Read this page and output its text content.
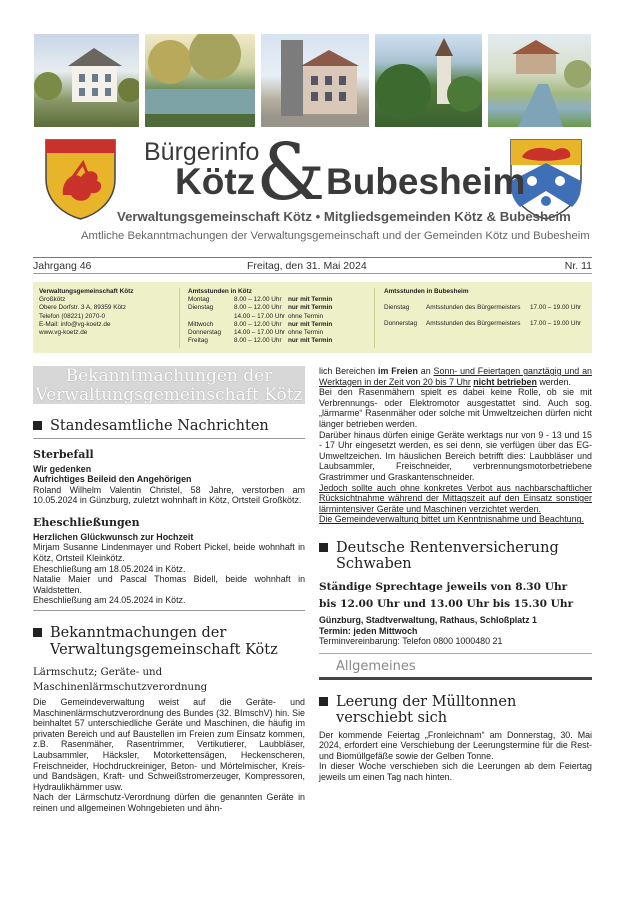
Bürgerinfo
Kötz & Bubesheim
Verwaltungsgemeinschaft Kötz • Mitgliedsgemeinden Kötz & Bubesheim
Amtliche Bekanntmachungen der Verwaltungsgemeinschaft und der Gemeinden Kötz und Bubesheim
Jahrgang 46	Freitag, den 31. Mai 2024	Nr. 11
Verwaltungsgemeinschaft Kötz
Großkötz
Obere Dorfstr. 3 A, 89359 Kötz
Telefon (08221) 2070-0
E-Mail: info@vg-koetz.de
www.vg-koetz.de
Amtsstunden in Kötz
Montag	8.00 – 12.00 Uhr nur mit Termin
Dienstag	8.00 – 12.00 Uhr nur mit Termin
14.00 – 17.00 Uhr ohne Termin
Mittwoch	8.00 – 12.00 Uhr nur mit Termin
Donnerstag 14.00 – 17.00 Uhr ohne Termin
Freitag	8.00 – 12.00 Uhr nur mit Termin
Amtsstunden in Bubesheim
Dienstag	Amtsstunden des Bürgermeisters 17.00 – 19.00 Uhr
Donnerstag Amtsstunden des Bürgermeisters 17.00 – 19.00 Uhr
Bekanntmachungen der
Verwaltungsgemeinschaft Kötz
Standesamtliche Nachrichten
Sterbefall
Wir gedenken
Aufrichtiges Beileid den Angehörigen
Roland Wilhelm Valentin Christel, 58 Jahre, verstorben am 10.05.2024 in Günzburg, zuletzt wohnhaft in Kötz, Ortsteil Großkötz.
Eheschließungen
Herzlichen Glückwunsch zur Hochzeit
Mirjam Susanne Lindenmayer und Robert Pickel, beide wohnhaft in Kötz, Ortsteil Kleinkötz.
Eheschließung am 18.05.2024 in Kötz.
Natalie Maier und Pascal Thomas Bidell, beide wohnhaft in Waldstetten.
Eheschließung am 24.05.2024 in Kötz.
Bekanntmachungen der
Verwaltungsgemeinschaft Kötz
Lärmschutz; Geräte- und
Maschinenlärmschutzverordnung
Die Gemeindeverwaltung weist auf die Geräte- und Maschinenlärmschutzverordnung des Bundes (32. BImschV) hin. Sie beinhaltet 57 unterschiedliche Geräte und Maschinen, die häufig im privaten Bereich und auf Baustellen im Freien zum Einsatz kommen, z.B. Rasenmäher, Rasentrimmer, Vertikutierer, Laubbläser, Laubsammler, Häcksler, Motorkettensägen, Heckenscheren, Freischneider, Hochdruckreiniger, Beton- und Mörtelmischer, Kreis- und Bandsägen, Kraft- und Schweißstromerzeuger, Kompressoren, Hydraulikhämmer usw.
Nach der Lärmschutz-Verordnung dürfen die genannten Geräte in reinen und allgemeinen Wohngebieten und ähn-
lich Bereichen im Freien an Sonn- und Feiertagen ganztägig und an Werktagen in der Zeit von 20 bis 7 Uhr nicht betrieben werden.
Bei den Rasenmähern spielt es dabei keine Rolle, ob sie mit Verbrennungs- oder Elektromotor ausgestattet sind. Auch sog. „lärmarme“ Rasenmäher oder solche mit Umweltzeichen dürfen nicht länger betrieben werden.
Darüber hinaus dürfen einige Geräte werktags nur von 9 - 13 und 15 - 17 Uhr eingesetzt werden, es sei denn, sie verfügen über das EG- Umweltzeichen. Im häuslichen Bereich betrifft dies: Laubbläser und Laubsammler, Freischneider, verbrennungsmotorbetriebene Grastrimmer und Graskantenschneider.
Jedoch sollte auch ohne konkretes Verbot aus nachbarschaftlicher Rücksichtnahme während der Mittagszeit auf den Einsatz sonstiger lärmintensiver Geräte und Maschinen verzichtet werden.
Die Gemeindeverwaltung bittet um Kenntnisnahme und Beachtung.
Deutsche Rentenversicherung
Schwaben
Ständige Sprechtage jeweils von 8.30 Uhr
bis 12.00 Uhr und 13.00 Uhr bis 15.30 Uhr
Günzburg, Stadtverwaltung, Rathaus, Schloßplatz 1
Termin: jeden Mittwoch
Terminvereinbarung: Telefon 0800 1000480 21
Allgemeines
Leerung der Mülltonnen
verschiebt sich
Der kommende Feiertag „Fronleichnam“ am Donnerstag, 30. Mai 2024, erfordert eine Verschiebung der Leerungstermine für die Rest- und Biomüllgefäße sowie der Gelben Tonne.
In dieser Woche verschieben sich die Leerungen ab dem Feiertag jeweils um einen Tag nach hinten.
